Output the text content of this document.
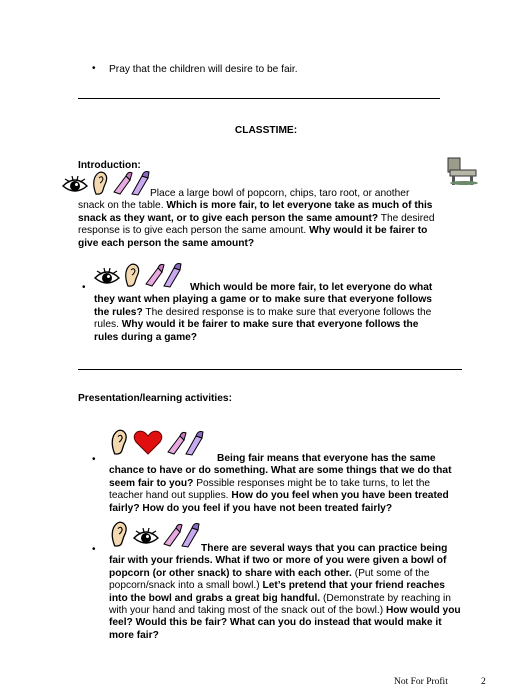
• Pray that the children will desire to be fair.
CLASSTIME:
Introduction:

Place a large bowl of popcorn, chips, taro root, or another snack on the table. Which is more fair, to let everyone take as much of this snack as they want, or to give each person the same amount? The desired response is to give each person the same amount. Why would it be fairer to give each person the same amount?

•
	Which would be more fair, to let everyone do what they want when playing a game or to make sure that everyone follows the rules? The desired response is to make sure that everyone follows the rules. Why would it be fairer to make sure that everyone follows the rules during a game?

Presentation/learning activities:
•
	Being fair means that everyone has the same chance to have or do something. What are some things that we do that seem fair to you? Possible responses might be to take turns, to let the teacher hand out supplies. How do you feel when you have been treated fairly? How do you feel if you have not been treated fairly?

•
	There are several ways that you can practice being fair with your friends. What if two or more of you were given a bowl of popcorn (or other snack) to share with each other. (Put some of the popcorn/snack into a small bowl.) Let’s pretend that your friend reaches into the bowl and grabs a great big handful. (Demonstrate by reaching in with your hand and taking most of the snack out of the bowl.) How would you feel? Would this be fair? What can you do instead that would make it more fair?

Not For Profit	2
